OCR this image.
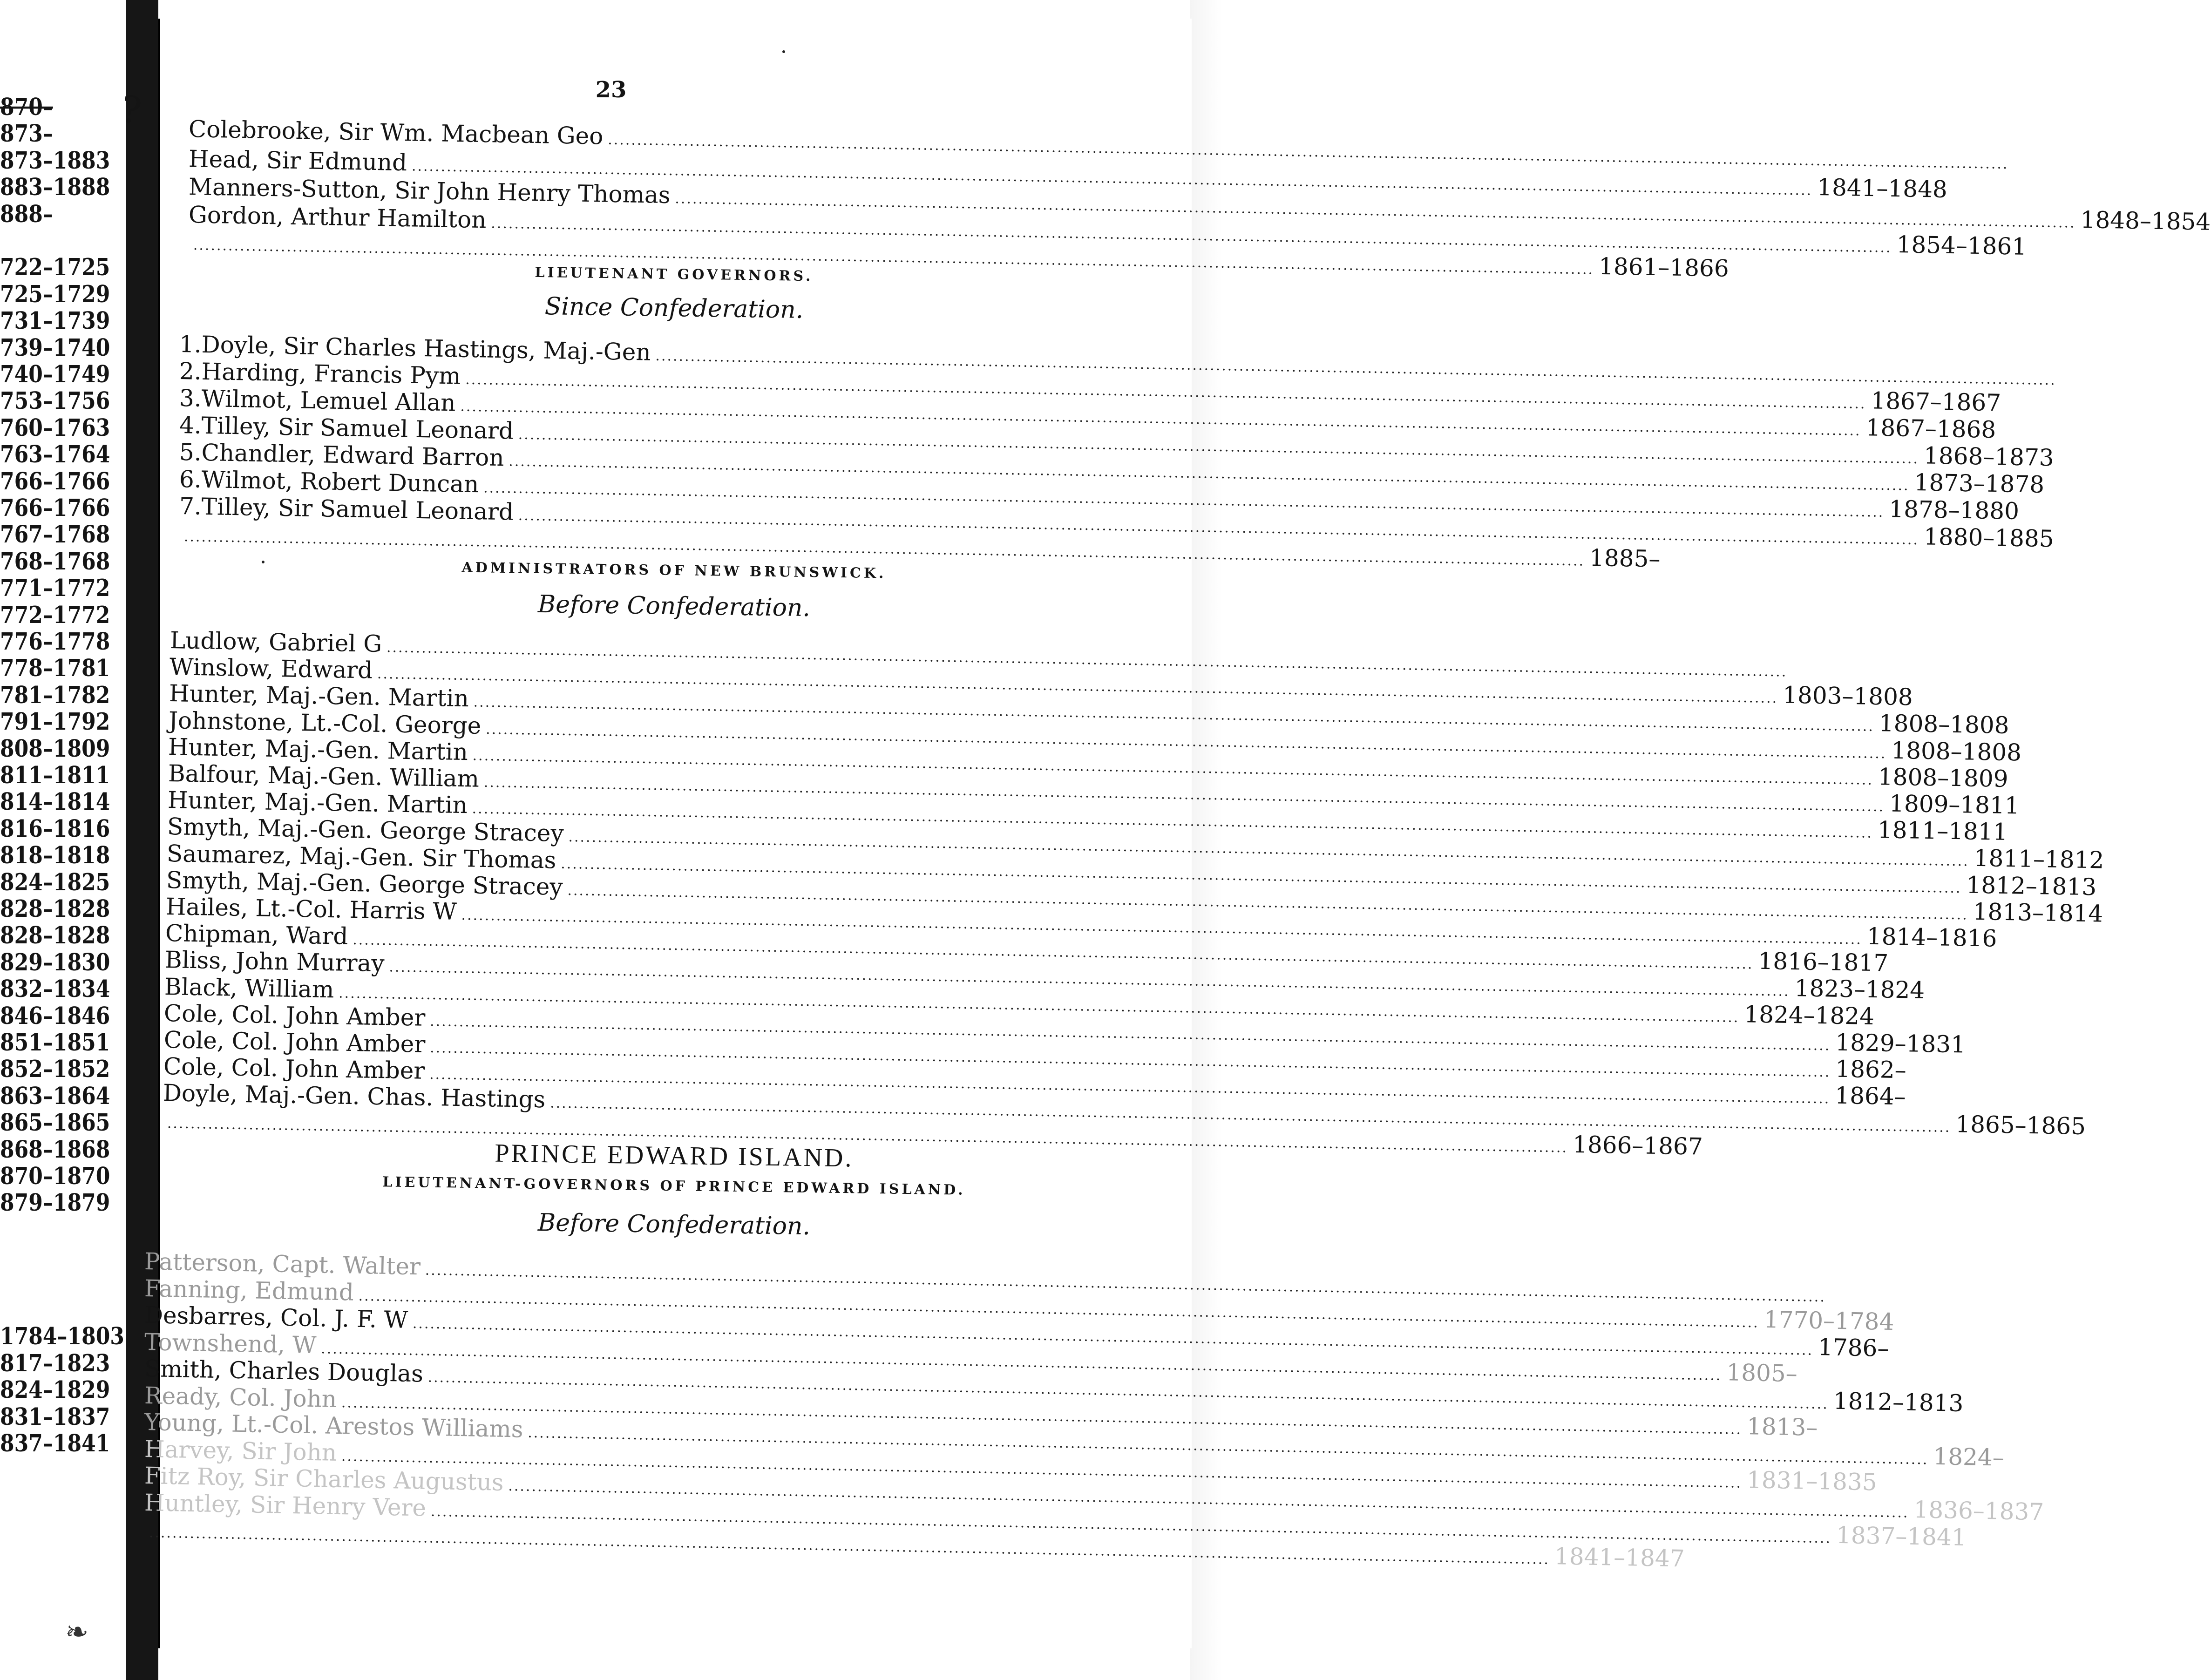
870–
873–
873–1883
883–1888
888–
722–1725
725–1729
731–1739
739–1740
740–1749
753–1756
760–1763
763–1764
766–1766
766–1766
767–1768
768–1768
771–1772
772–1772
776–1778
778–1781
781–1782
791–1792
808–1809
811–1811
814–1814
816–1816
818–1818
824–1825
828–1828
828–1828
829–1830
832–1834
846–1846
851–1851
852–1852
863–1864
865–1865
868–1868
870–1870
879–1879
1784–1803
817–1823
824–1829
831–1837
837–1841
?	23
Colebrooke, Sir Wm. Macbean Geo
.....
Head, Sir Edmund
.....
1841–1848
Manners-Sutton, Sir John Henry Thomas
.....
1848–1854
Gordon, Arthur Hamilton
.....
1854–1861
.....
1861–1866
LIEUTENANT GOVERNORS.
Since Confederation.
1.
Doyle, Sir Charles Hastings, Maj.-Gen
.....
2.
Harding, Francis Pym
.....
1867–1867
3.
Wilmot, Lemuel Allan
.....
1867–1868
4.
Tilley, Sir Samuel Leonard
.....
1868–1873
5.
Chandler, Edward Barron
.....
1873–1878
6.
Wilmot, Robert Duncan
.....
1878–1880
7.
Tilley, Sir Samuel Leonard
.....
1880–1885
.....
1885–
ADMINISTRATORS OF NEW BRUNSWICK.
Before Confederation.
Ludlow, Gabriel G
.....
Winslow, Edward
.....
1803–1808
Hunter, Maj.-Gen. Martin
.....
1808–1808
Johnstone, Lt.-Col. George
.....
1808–1808
Hunter, Maj.-Gen. Martin
.....
1808–1809
Balfour, Maj.-Gen. William
.....
1809–1811
Hunter, Maj.-Gen. Martin
.....
1811–1811
Smyth, Maj.-Gen. George Stracey
.....
1811–1812
Saumarez, Maj.-Gen. Sir Thomas
.....
1812–1813
Smyth, Maj.-Gen. George Stracey
.....
1813–1814
Hailes, Lt.-Col. Harris W
.....
1814–1816
Chipman, Ward
.....
1816–1817
Bliss, John Murray
.....
1823–1824
Black, William
.....
1824–1824
Cole, Col. John Amber
.....
1829–1831
Cole, Col. John Amber
.....
1862–
Cole, Col. John Amber
.....
1864–
Doyle, Maj.-Gen. Chas. Hastings
.....
1865–1865
.....
1866–1867
PRINCE EDWARD ISLAND.
LIEUTENANT-GOVERNORS OF PRINCE EDWARD ISLAND.
Before Confederation.
Patterson, Capt. Walter
.....
Fanning, Edmund
.....
1770–1784
Desbarres, Col. J. F. W
.....
1786–
Townshend, W
.....
1805–
Smith, Charles Douglas
.....
1812–1813
Ready, Col. John
.....
1813–
Young, Lt.-Col. Arestos Williams
.....
1824–
Harvey, Sir John
.....
1831–1835
Fitz Roy, Sir Charles Augustus
.....
1836–1837
Huntley, Sir Henry Vere
.....
1837–1841
.....
1841–1847
❧
